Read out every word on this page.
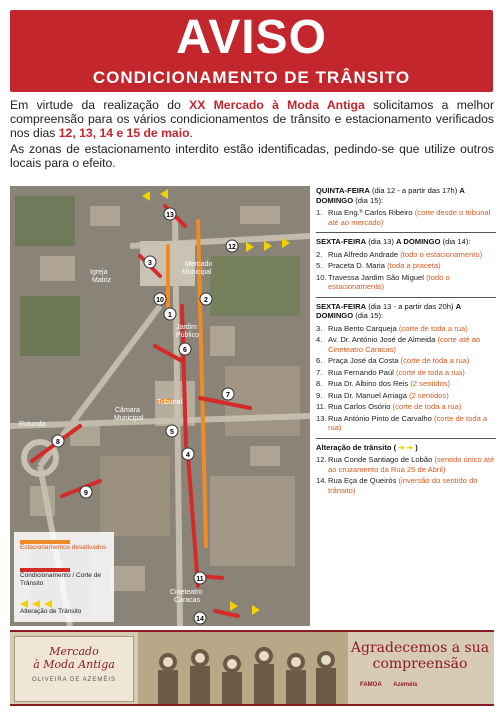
AVISO
CONDICIONAMENTO DE TRÂNSITO

Em virtude da realização do XX Mercado à Moda Antiga solicitamos a melhor compreensão para os vários condicionamentos de trânsito e estacionamento verificados nos dias 12, 13, 14 e 15 de maio.

As zonas de estacionamento interdito estão identificadas, pedindo-se que utilize outros locais para o efeito.

Igreja
Matriz
Mercado
Municipal
Jardim
Público
Câmara
Municipal
Tribunal
Rotunda
Cineteatro
Caracas
13
12
3
10	2
1
6
7
5
4
8
9
11
14
Estacionamentos desativados
Condicionamento / Corte de Trânsito
Alteração de Trânsito
QUINTA-FEIRA (dia 12 - a partir das 17h) A DOMINGO (dia 15):
1. Rua Eng.º Carlos Ribeiro (corte desde o tribunal até ao mercado)
SEXTA-FEIRA (dia 13) A DOMINGO (dia 14):
2. Rua Alfredo Andrade (todo o estacionamento)
5. Praceta D. Maria (toda a praceta)
10. Travessa Jardim São Miguel (todo o estacionamento)
SEXTA-FEIRA (dia 13 - a partir das 20h) A DOMINGO (dia 15):
3. Rua Bento Carqueja (corte de toda a rua)
4. Av. Dr. António José de Almeida (corte até ao Cineteatro Caracas)
6. Praça José da Costa (corte de toda a rua)
7. Rua Fernando Paúl (corte de toda a rua)
8. Rua Dr. Albino dos Reis (2 sentidos)
9. Rua Dr. Manuel Arriaga (2 sentidos)
11. Rua Carlos Osório (corte de toda a rua)
13. Rua António Pinto de Carvalho (corte de toda a rua)
Alteração de trânsito ( ➜ ➜ )
12. Rua Conde Santiago de Lobão (sentido único até ao cruzamento da Rua 25 de Abril)
14. Rua Eça de Queirós (inversão do sentido do trânsito)
Mercado
à Moda Antiga
OLIVEIRA DE AZEMÉIS
Agradecemos a sua compreensão
FAMOA Azeméis
